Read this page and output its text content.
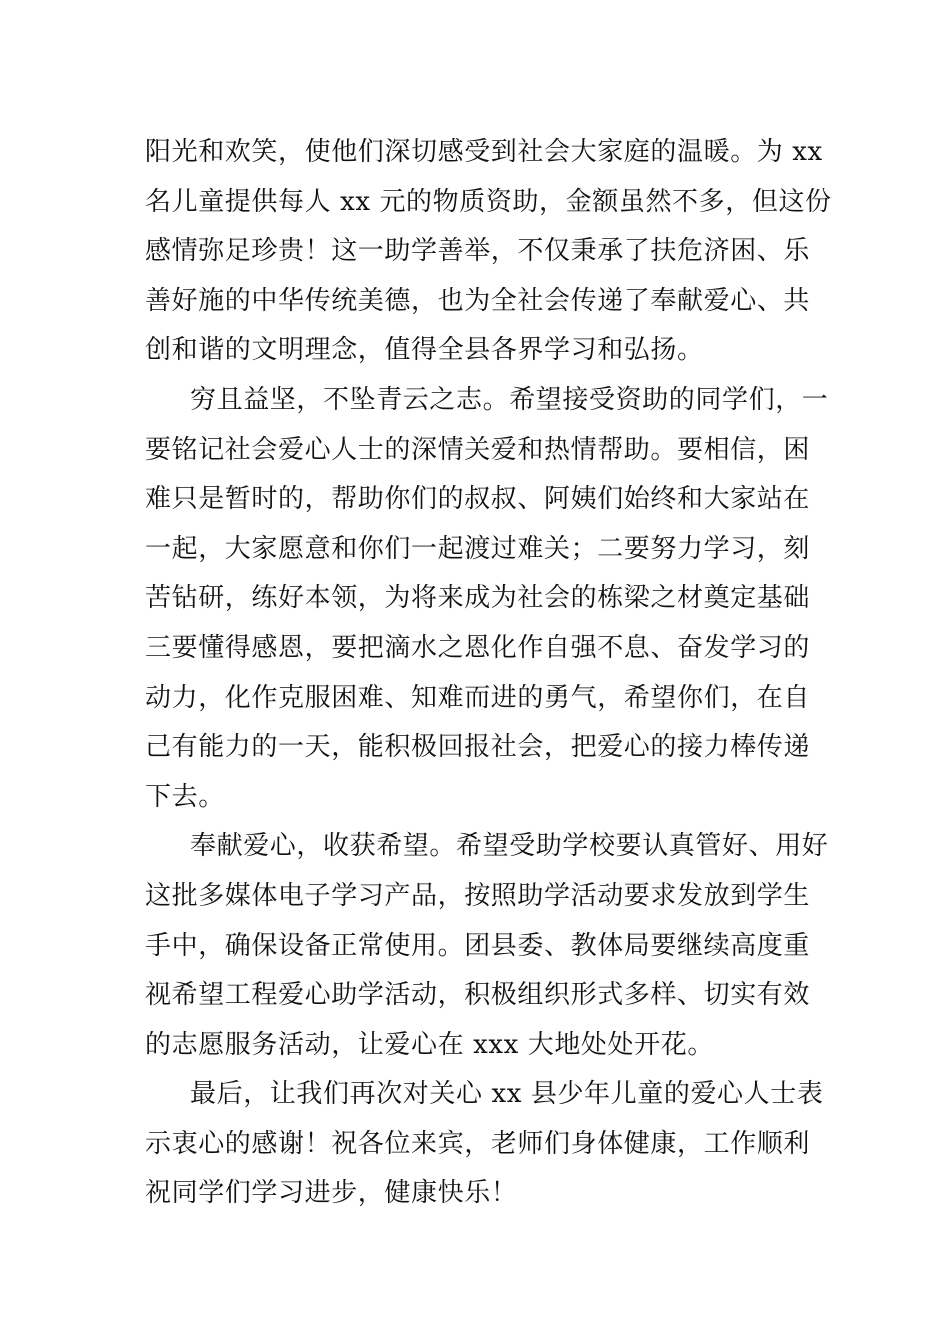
阳光和欢笑，使他们深切感受到社会大家庭的温暖。为 xx
名儿童提供每人 xx 元的物质资助，金额虽然不多，但这份
感情弥足珍贵！这一助学善举，不仅秉承了扶危济困、乐
善好施的中华传统美德，也为全社会传递了奉献爱心、共
创和谐的文明理念，值得全县各界学习和弘扬。
穷且益坚，不坠青云之志。希望接受资助的同学们，一
要铭记社会爱心人士的深情关爱和热情帮助。要相信，困
难只是暂时的，帮助你们的叔叔、阿姨们始终和大家站在
一起，大家愿意和你们一起渡过难关；二要努力学习，刻
苦钻研，练好本领，为将来成为社会的栋梁之材奠定基础
三要懂得感恩，要把滴水之恩化作自强不息、奋发学习的
动力，化作克服困难、知难而进的勇气，希望你们，在自
己有能力的一天，能积极回报社会，把爱心的接力棒传递
下去。
奉献爱心，收获希望。希望受助学校要认真管好、用好
这批多媒体电子学习产品，按照助学活动要求发放到学生
手中，确保设备正常使用。团县委、教体局要继续高度重
视希望工程爱心助学活动，积极组织形式多样、切实有效
的志愿服务活动，让爱心在 xxx 大地处处开花。
最后，让我们再次对关心 xx 县少年儿童的爱心人士表
示衷心的感谢！祝各位来宾，老师们身体健康，工作顺利
祝同学们学习进步，健康快乐！
